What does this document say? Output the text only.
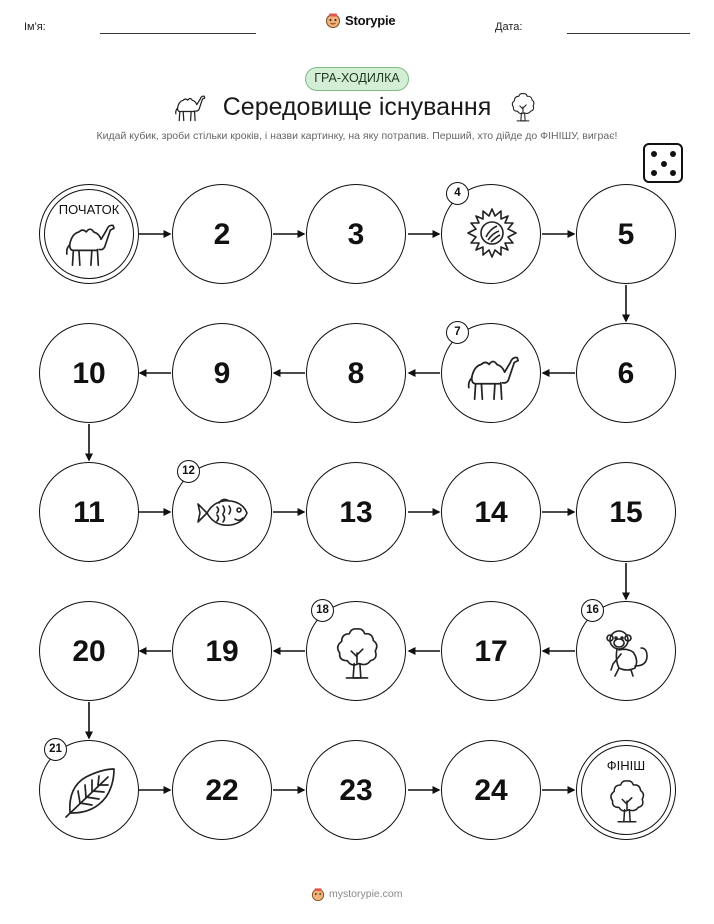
Ім'я:	Storypie	Дата:
ГРА-ХОДИЛКА
Середовище існування
Кидай кубик, зроби стільки кроків, і назви картинку, на яку потрапив. Перший, хто дійде до ФІНІШУ, виграє!
ПОЧАТОК
2	3
4
5
6
7
8
9
10
11
12
13	14	15
16
17
18
19
20
21
22	23	24
ФІНІШ
mystorypie.com
